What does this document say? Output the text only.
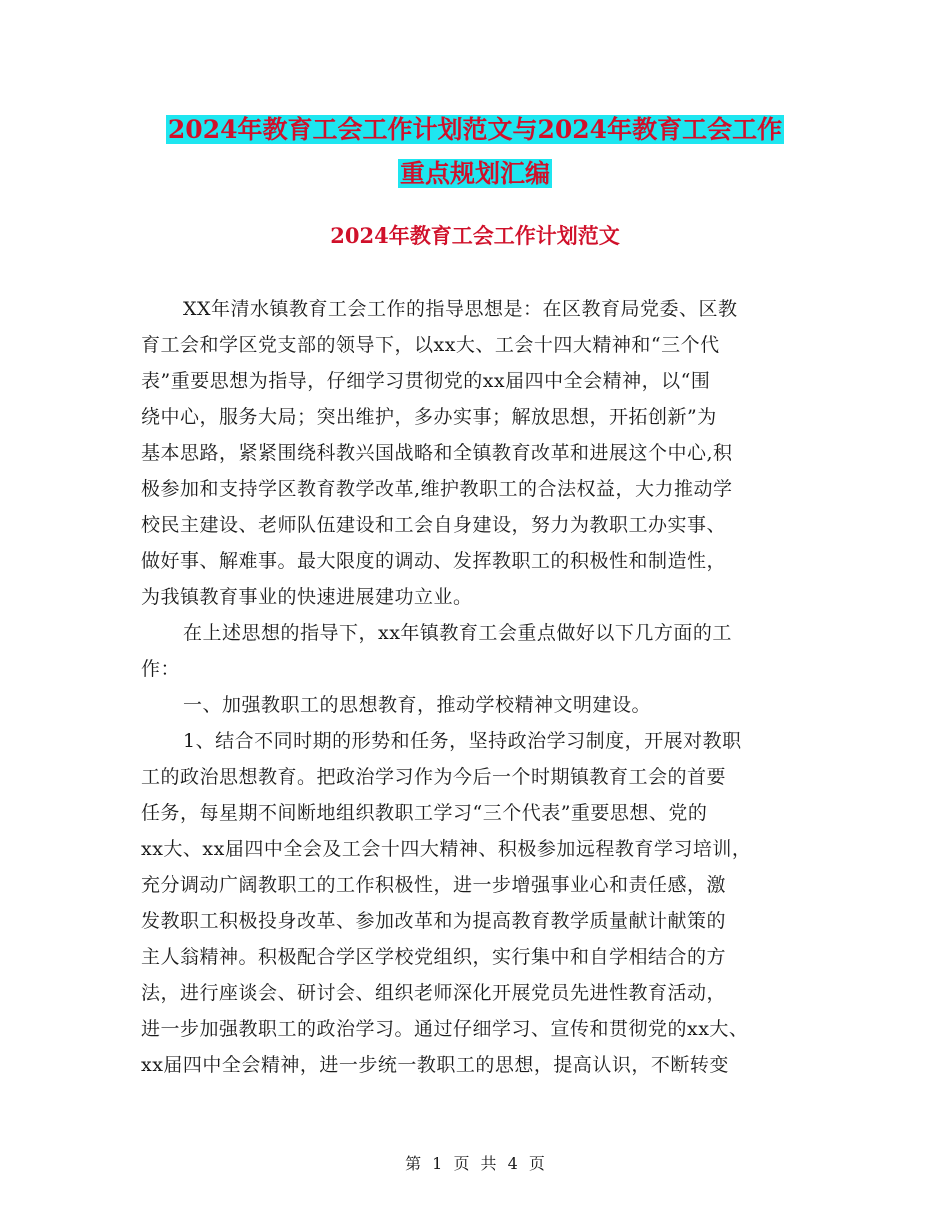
2024年教育工会工作计划范文与2024年教育工会工作
重点规划汇编
2024年教育工会工作计划范文
XX年清水镇教育工会工作的指导思想是：在区教育局党委、区教
育工会和学区党支部的领导下，以xx大、工会十四大精神和“三个代
表”重要思想为指导，仔细学习贯彻党的xx届四中全会精神，以“围
绕中心，服务大局；突出维护，多办实事；解放思想，开拓创新”为
基本思路，紧紧围绕科教兴国战略和全镇教育改革和进展这个中心,积
极参加和支持学区教育教学改革,维护教职工的合法权益，大力推动学
校民主建设、老师队伍建设和工会自身建设，努力为教职工办实事、
做好事、解难事。最大限度的调动、发挥教职工的积极性和制造性，
为我镇教育事业的快速进展建功立业。
在上述思想的指导下，xx年镇教育工会重点做好以下几方面的工
作：
一、加强教职工的思想教育，推动学校精神文明建设。
1、结合不同时期的形势和任务，坚持政治学习制度，开展对教职
工的政治思想教育。把政治学习作为今后一个时期镇教育工会的首要
任务，每星期不间断地组织教职工学习“三个代表”重要思想、党的
xx大、xx届四中全会及工会十四大精神、积极参加远程教育学习培训，
充分调动广阔教职工的工作积极性，进一步增强事业心和责任感，激
发教职工积极投身改革、参加改革和为提高教育教学质量献计献策的
主人翁精神。积极配合学区学校党组织，实行集中和自学相结合的方
法，进行座谈会、研讨会、组织老师深化开展党员先进性教育活动，
进一步加强教职工的政治学习。通过仔细学习、宣传和贯彻党的xx大、
xx届四中全会精神，进一步统一教职工的思想，提高认识，不断转变
第 1 页 共 4 页
